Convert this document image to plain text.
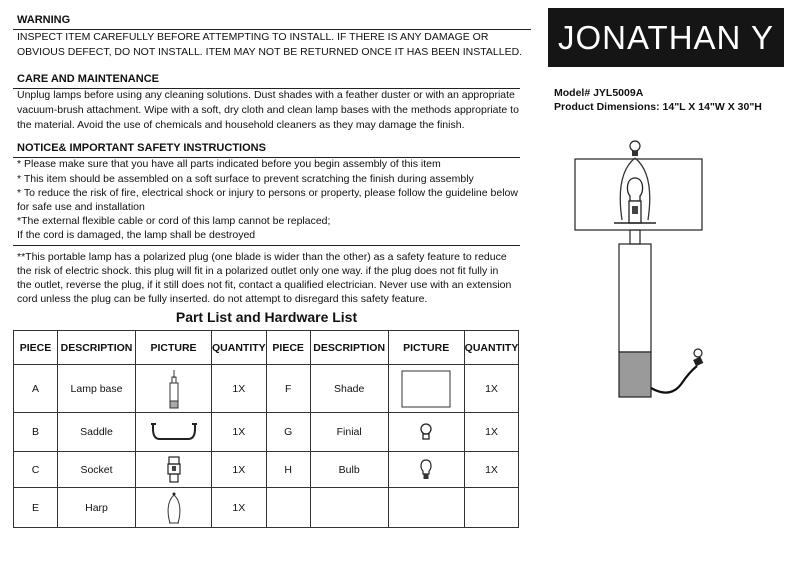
WARNING
INSPECT ITEM CAREFULLY BEFORE ATTEMPTING TO INSTALL. IF THERE IS ANY DAMAGE OR
OBVIOUS DEFECT, DO NOT INSTALL. ITEM MAY NOT BE RETURNED ONCE IT HAS BEEN INSTALLED.
CARE AND MAINTENANCE
Unplug lamps before using any cleaning solutions. Dust shades with a feather duster or with an appropriate
vacuum-brush attachment. Wipe with a soft, dry cloth and clean lamp bases with the methods appropriate to
the material. Avoid the use of chemicals and household cleaners as they may damage the finish.
NOTICE& IMPORTANT SAFETY INSTRUCTIONS
* Please make sure that you have all parts indicated before you begin assembly of this item
* This item should be assembled on a soft surface to prevent scratching the finish during assembly
* To reduce the risk of fire, electrical shock or injury to persons or property, please follow the guideline below
for safe use and installation
*The external flexible cable or cord of this lamp cannot be replaced;
If the cord is damaged, the lamp shall be destroyed
**This portable lamp has a polarized plug (one blade is wider than the other) as a safety feature to reduce
the risk of electric shock. this plug will fit in a polarized outlet only one way. if the plug does not fit fully in
the outlet, reverse the plug, if it still does not fit, contact a qualified electrician. Never use with an extension
cord unless the plug can be fully inserted. do not attempt to disregard this safety feature.
Part List and Hardware List
PIECE	DESCRIPTION	PICTURE	QUANTITY	PIECE	DESCRIPTION	PICTURE	QUANTITY
A	Lamp base		1X	F	Shade		1X
B	Saddle		1X	G	Finial		1X
C	Socket		1X	H	Bulb		1X
E	Harp		1X				
JONATHAN Y
Model# JYL5009A
Product Dimensions: 14"L X 14"W X 30"H
